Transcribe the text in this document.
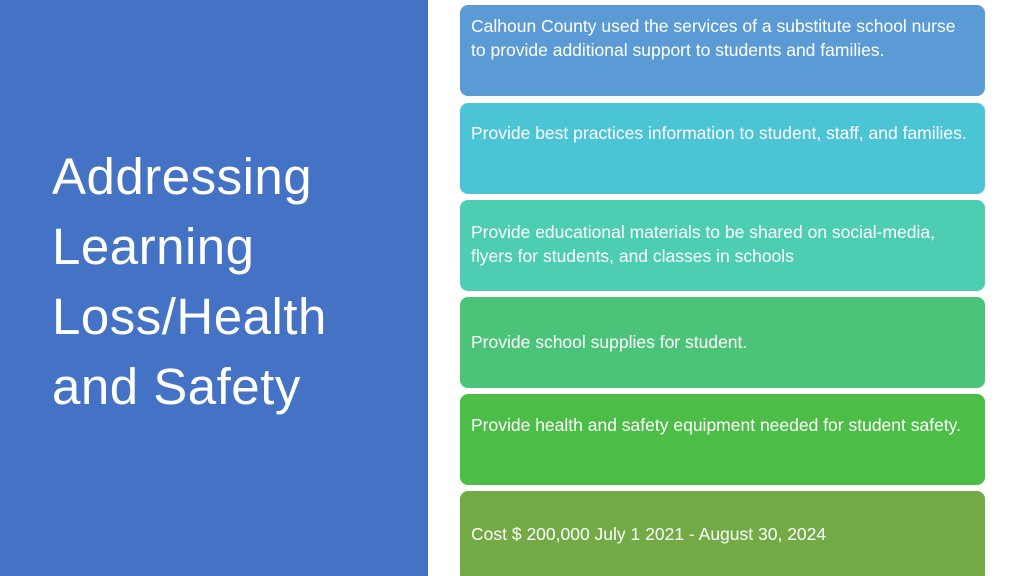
Addressing Learning Loss/Health and Safety
Calhoun County used the services of a substitute school nurse to provide additional support to students and families.
Provide best practices information to student, staff, and families.
Provide educational materials to be shared on social-media, flyers for students, and classes in schools
Provide school supplies for student.
Provide health and safety equipment needed for student safety.
Cost $ 200,000 July 1 2021 - August 30, 2024
